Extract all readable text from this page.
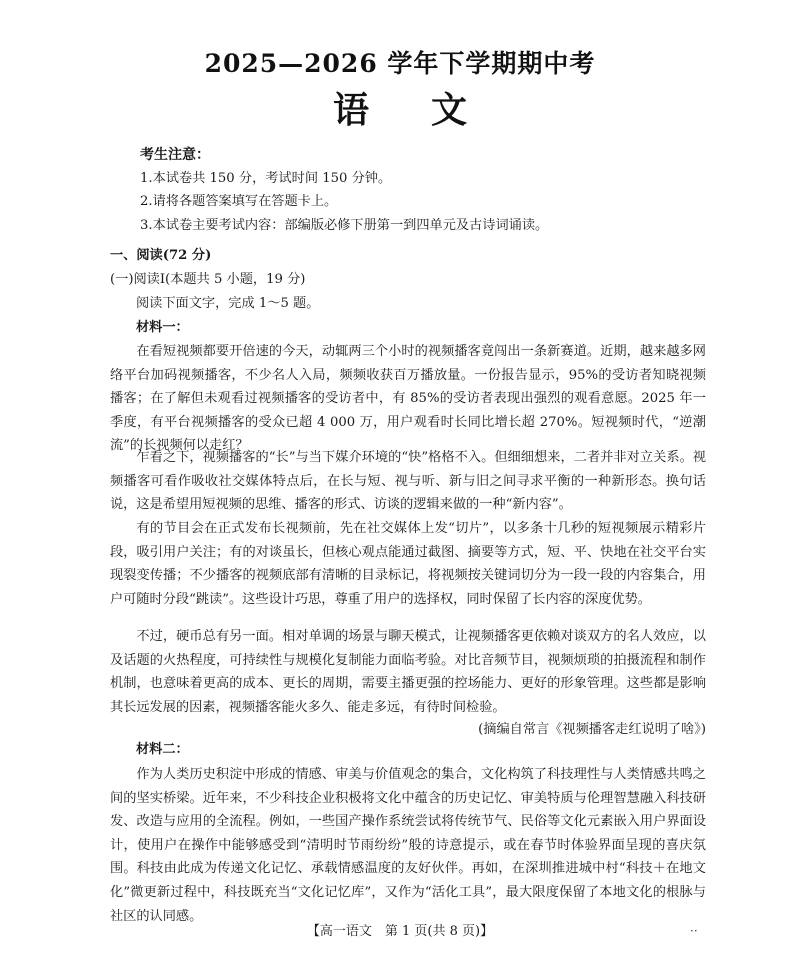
2025—2026 学年下学期期中考
语文
考生注意：
1.本试卷共 150 分，考试时间 150 分钟。
2.请将各题答案填写在答题卡上。
3.本试卷主要考试内容：部编版必修下册第一到四单元及古诗词诵读。
一、阅读(72 分)
(一)阅读Ⅰ(本题共 5 小题，19 分)
阅读下面文字，完成 1～5 题。
材料一：
在看短视频都要开倍速的今天，动辄两三个小时的视频播客竟闯出一条新赛道。近期，越来越多网络平台加码视频播客，不少名人入局，频频收获百万播放量。一份报告显示，95%的受访者知晓视频播客；在了解但未观看过视频播客的受访者中，有 85%的受访者表现出强烈的观看意愿。2025 年一季度，有平台视频播客的受众已超 4 000 万，用户观看时长同比增长超 270%。短视频时代，“逆潮流”的长视频何以走红？
乍看之下，视频播客的“长”与当下媒介环境的“快”格格不入。但细细想来，二者并非对立关系。视频播客可看作吸收社交媒体特点后，在长与短、视与听、新与旧之间寻求平衡的一种新形态。换句话说，这是希望用短视频的思维、播客的形式、访谈的逻辑来做的一种“新内容”。
有的节目会在正式发布长视频前，先在社交媒体上发“切片”，以多条十几秒的短视频展示精彩片段，吸引用户关注；有的对谈虽长，但核心观点能通过截图、摘要等方式，短、平、快地在社交平台实现裂变传播；不少播客的视频底部有清晰的目录标记，将视频按关键词切分为一段一段的内容集合，用户可随时分段“跳读”。这些设计巧思，尊重了用户的选择权，同时保留了长内容的深度优势。
不过，硬币总有另一面。相对单调的场景与聊天模式，让视频播客更依赖对谈双方的名人效应，以及话题的火热程度，可持续性与规模化复制能力面临考验。对比音频节目，视频烦琐的拍摄流程和制作机制，也意味着更高的成本、更长的周期，需要主播更强的控场能力、更好的形象管理。这些都是影响其长远发展的因素，视频播客能火多久、能走多远，有待时间检验。
(摘编自常言《视频播客走红说明了啥》)
材料二：
作为人类历史积淀中形成的情感、审美与价值观念的集合，文化构筑了科技理性与人类情感共鸣之间的坚实桥梁。近年来，不少科技企业积极将文化中蕴含的历史记忆、审美特质与伦理智慧融入科技研发、改造与应用的全流程。例如，一些国产操作系统尝试将传统节气、民俗等文化元素嵌入用户界面设计，使用户在操作中能够感受到“清明时节雨纷纷”般的诗意提示，或在春节时体验界面呈现的喜庆氛围。科技由此成为传递文化记忆、承载情感温度的友好伙伴。再如，在深圳推进城中村“科技＋在地文化”微更新过程中，科技既充当“文化记忆库”，又作为“活化工具”，最大限度保留了本地文化的根脉与社区的认同感。
【高一语文　第 1 页(共 8 页)】	··
